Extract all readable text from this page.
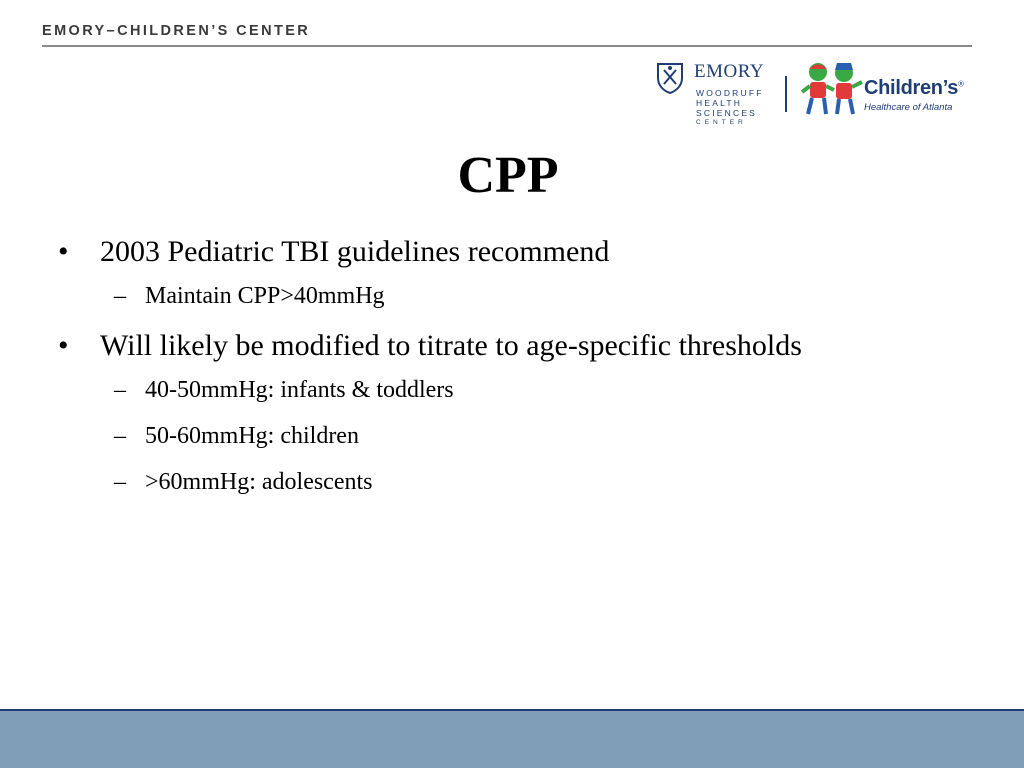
EMORY–CHILDREN’S CENTER
EMORY
WOODRUFF
HEALTH
SCIENCES
CENTER
Children’s®
Healthcare of Atlanta
CPP
• 2003 Pediatric TBI guidelines recommend
– Maintain CPP>40mmHg
• Will likely be modified to titrate to age-specific thresholds
– 40-50mmHg: infants & toddlers
– 50-60mmHg: children
– >60mmHg: adolescents
